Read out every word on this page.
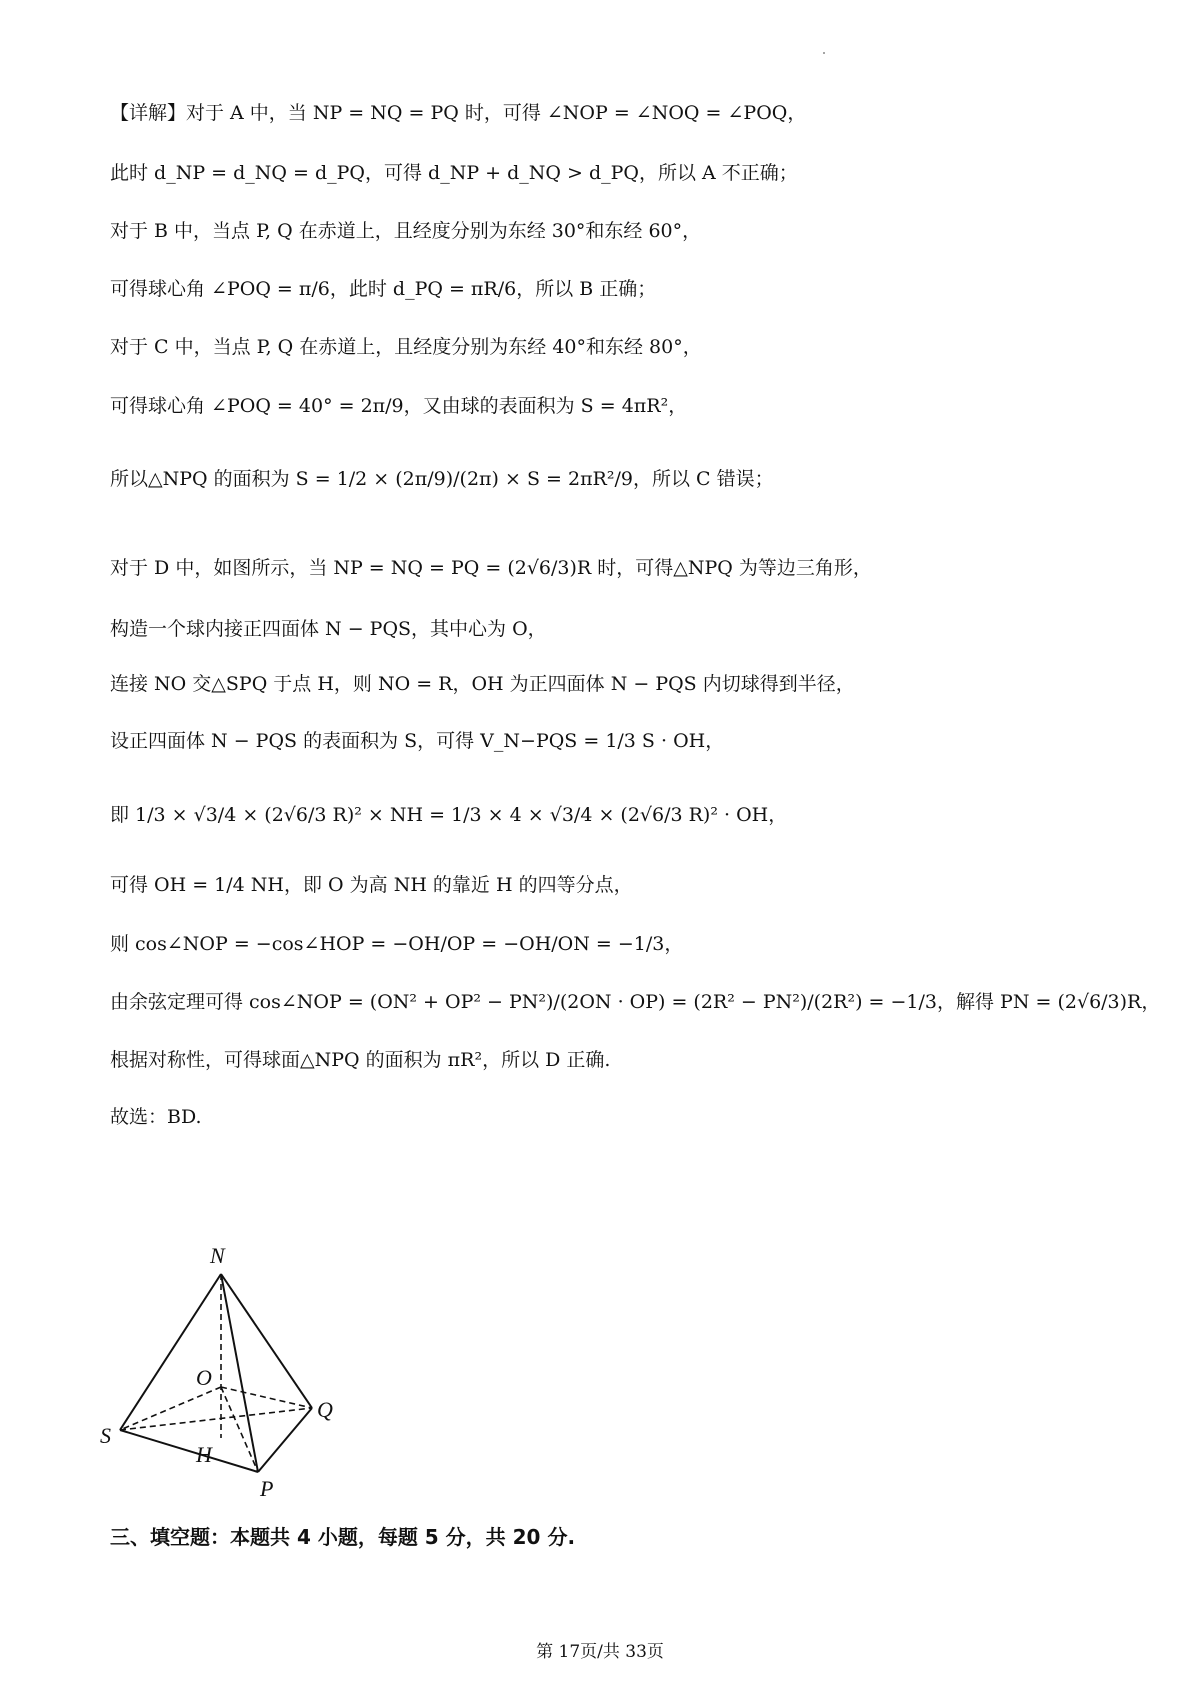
【详解】对于 A 中，当 NP = NQ = PQ 时，可得 ∠NOP = ∠NOQ = ∠POQ，
此时 d_NP = d_NQ = d_PQ，可得 d_NP + d_NQ > d_PQ，所以 A 不正确；
对于 B 中，当点 P, Q 在赤道上，且经度分别为东经 30°和东经 60°，
可得球心角 ∠POQ = π/6，此时 d_PQ = πR/6，所以 B 正确；
对于 C 中，当点 P, Q 在赤道上，且经度分别为东经 40°和东经 80°，
可得球心角 ∠POQ = 40° = 2π/9，又由球的表面积为 S = 4πR²，
所以△NPQ 的面积为 S = 1/2 × (2π/9)/(2π) × S = 2πR²/9，所以 C 错误；
对于 D 中，如图所示，当 NP = NQ = PQ = (2√6/3)R 时，可得△NPQ 为等边三角形，
构造一个球内接正四面体 N − PQS，其中心为 O，
连接 NO 交△SPQ 于点 H，则 NO = R，OH 为正四面体 N − PQS 内切球得到半径，
设正四面体 N − PQS 的表面积为 S，可得 V_N−PQS = 1/3 S · OH，
即 1/3 × √3/4 × (2√6/3 R)² × NH = 1/3 × 4 × √3/4 × (2√6/3 R)² · OH，
可得 OH = 1/4 NH，即 O 为高 NH 的靠近 H 的四等分点，
则 cos∠NOP = −cos∠HOP = −OH/OP = −OH/ON = −1/3，
由余弦定理可得 cos∠NOP = (ON² + OP² − PN²)/(2ON · OP) = (2R² − PN²)/(2R²) = −1/3，解得 PN = (2√6/3)R，
根据对称性，可得球面△NPQ 的面积为 πR²，所以 D 正确.
故选：BD.
N
O
Q
S
H
P
三、填空题：本题共 4 小题，每题 5 分，共 20 分.
第 17页/共 33页
